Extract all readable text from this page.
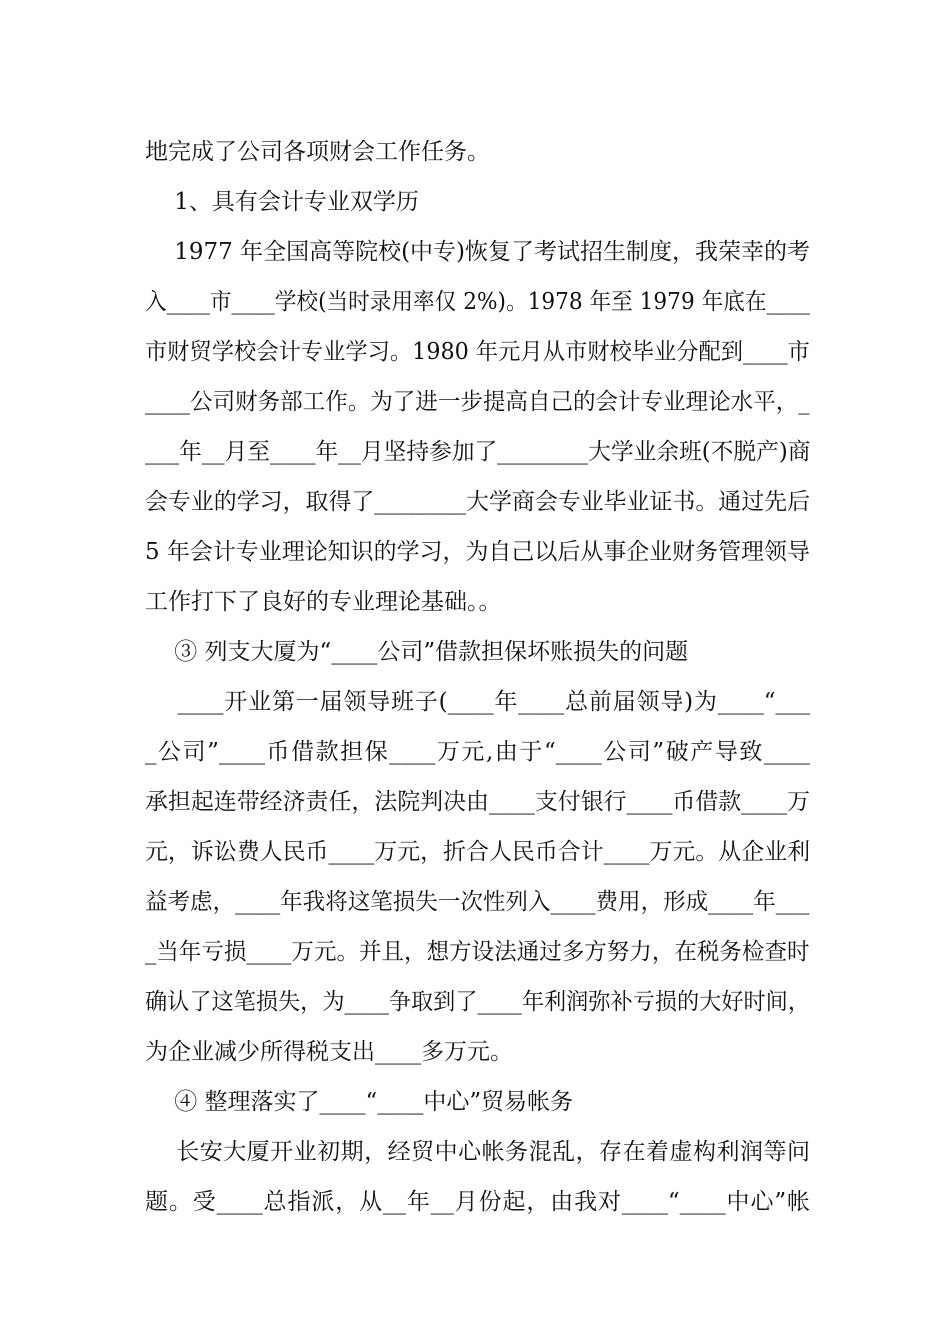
地完成了公司各项财会工作任务。
1、具有会计专业双学历
1977 年全国高等院校(中专)恢复了考试招生制度，我荣幸的考
入____市____学校(当时录用率仅 2%)。1978 年至 1979 年底在____
市财贸学校会计专业学习。1980 年元月从市财校毕业分配到____市
____公司财务部工作。为了进一步提高自己的会计专业理论水平，_
___年__月至____年__月坚持参加了________大学业余班(不脱产)商
会专业的学习，取得了________大学商会专业毕业证书。通过先后
5 年会计专业理论知识的学习，为自己以后从事企业财务管理领导
工作打下了良好的专业理论基础。。
③ 列支大厦为“____公司”借款担保坏账损失的问题
____开业第一届领导班子(____年____总前届领导)为____“___
_公司”____币借款担保____万元,由于“____公司”破产导致____
承担起连带经济责任，法院判决由____支付银行____币借款____万
元，诉讼费人民币____万元，折合人民币合计____万元。从企业利
益考虑，____年我将这笔损失一次性列入____费用，形成____年___
_当年亏损____万元。并且，想方设法通过多方努力，在税务检查时
确认了这笔损失，为____争取到了____年利润弥补亏损的大好时间，
为企业减少所得税支出____多万元。
④ 整理落实了____“____中心”贸易帐务
长安大厦开业初期，经贸中心帐务混乱，存在着虚构利润等问
题。受____总指派，从__年__月份起，由我对____“____中心”帐
